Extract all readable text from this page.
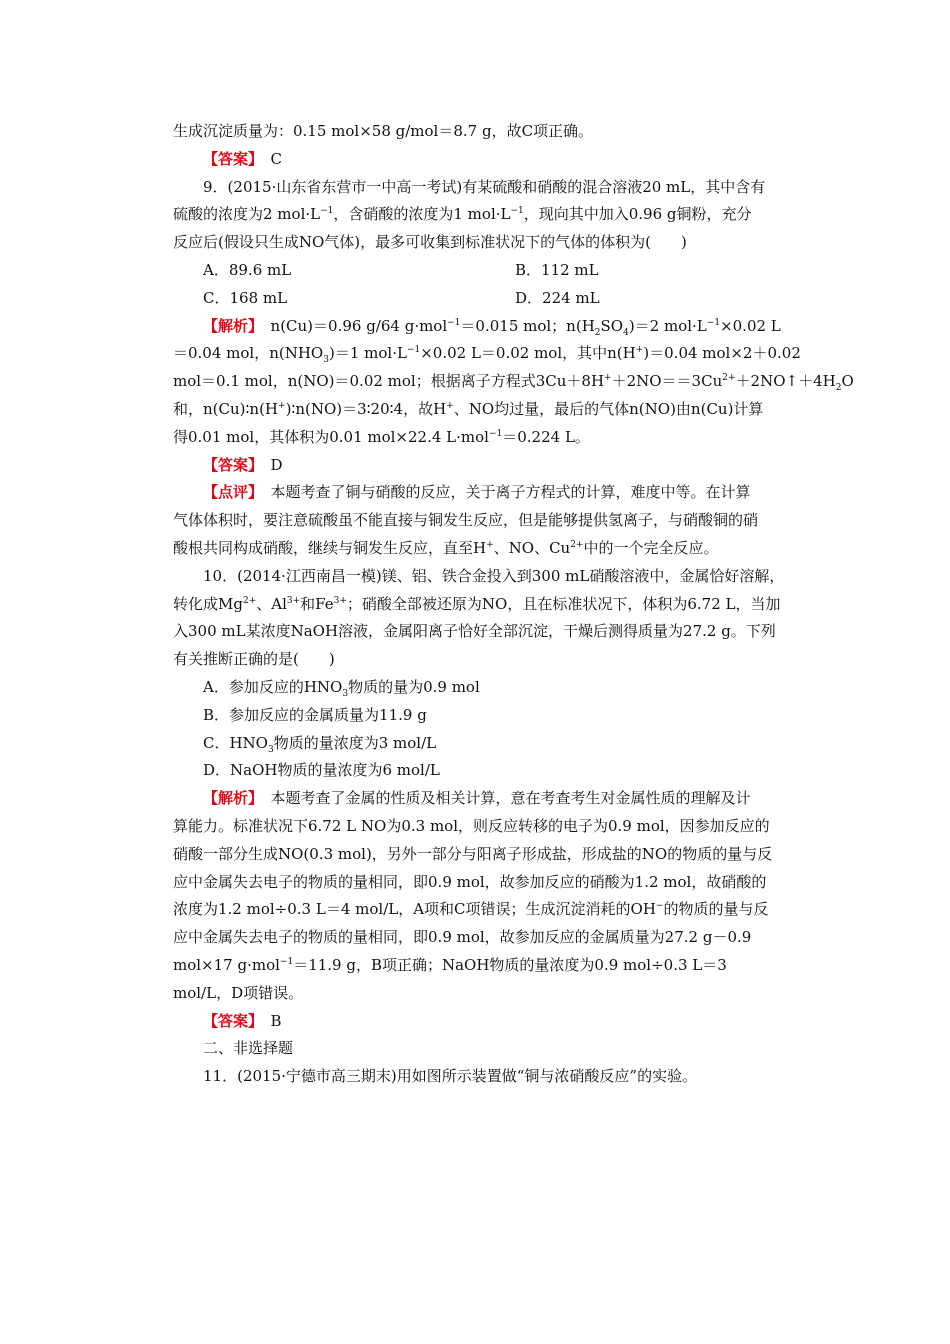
生成沉淀质量为：0.15 mol×58 g/mol＝8.7 g，故C项正确。
【答案】　 C
9．(2015·山东省东营市一中高一考试)有某硫酸和硝酸的混合溶液20 mL，其中含有
硫酸的浓度为2 $mol\cdot L^{-1}$，含硝酸的浓度为1 $mol\cdot L^{-1}$，现向其中加入0.96 g铜粉，充分
反应后(假设只生成NO气体)，最多可收集到标准状况下的气体的体积为(　　)
A．89.6 mL	B．112 mL
C．168 mL	D．224 mL
【解析】　 n(Cu)＝0.96 g/64 g·mol$^{-1}$＝0.015 mol；$n(H_2SO_4)=2$ $mol\cdot L^{-1}\times 0.02$ L
＝0.04 mol，$n(NHO_3)=1$ $mol\cdot L^{-1}\times 0.02$ L＝0.02 mol，其中n(H+)＝0.04 mol×2＋0.02
mol＝0.1 mol，n(NO)＝0.02 mol；根据离子方程式$3Cu+8H^++2NO==3Cu^{2+}+2NO↑+4H_2O$
和，n(Cu)∶n(H+)∶n(NO)＝3∶20∶4，故H+、NO均过量，最后的气体n(NO)由n(Cu)计算
得0.01 mol，其体积为0.01 mol×22.4 L·mol$^{-1}$＝0.224 L。
【答案】　 D
【点评】　 本题考查了铜与硝酸的反应，关于离子方程式的计算，难度中等。在计算
气体体积时，要注意硫酸虽不能直接与铜发生反应，但是能够提供氢离子，与硝酸铜的硝
酸根共同构成硝酸，继续与铜发生反应，直至H+、NO、$Cu^{2+}$中的一个完全反应。
10．(2014·江西南昌一模)镁、铝、铁合金投入到300 mL硝酸溶液中，金属恰好溶解，
转化成$Mg^{2+}$、$Al^{3+}$和$Fe^{3+}$；硝酸全部被还原为NO，且在标准状况下，体积为6.72 L，当加
入300 mL某浓度NaOH溶液，金属阳离子恰好全部沉淀，干燥后测得质量为27.2 g。下列
有关推断正确的是(　　)
A．参加反应的$HNO_3$物质的量为0.9 mol
B．参加反应的金属质量为11.9 g
C．$HNO_3$物质的量浓度为3 mol/L
D．NaOH物质的量浓度为6 mol/L
【解析】　 本题考查了金属的性质及相关计算，意在考查考生对金属性质的理解及计
算能力。标准状况下6.72 L NO为0.3 mol，则反应转移的电子为0.9 mol，因参加反应的
硝酸一部分生成NO(0.3 mol)，另外一部分与阳离子形成盐，形成盐的NO的物质的量与反
应中金属失去电子的物质的量相同，即0.9 mol，故参加反应的硝酸为1.2 mol，故硝酸的
浓度为1.2 mol÷0.3 L＝4 mol/L，A项和C项错误；生成沉淀消耗的OH−的物质的量与反
应中金属失去电子的物质的量相同，即0.9 mol，故参加反应的金属质量为27.2 g－0.9
mol×17 g·mol$^{-1}$＝11.9 g，B项正确；NaOH物质的量浓度为0.9 mol÷0.3 L＝3
mol/L，D项错误。
【答案】　 B
二、非选择题
11．(2015·宁德市高三期末)用如图所示装置做“铜与浓硝酸反应”的实验。
